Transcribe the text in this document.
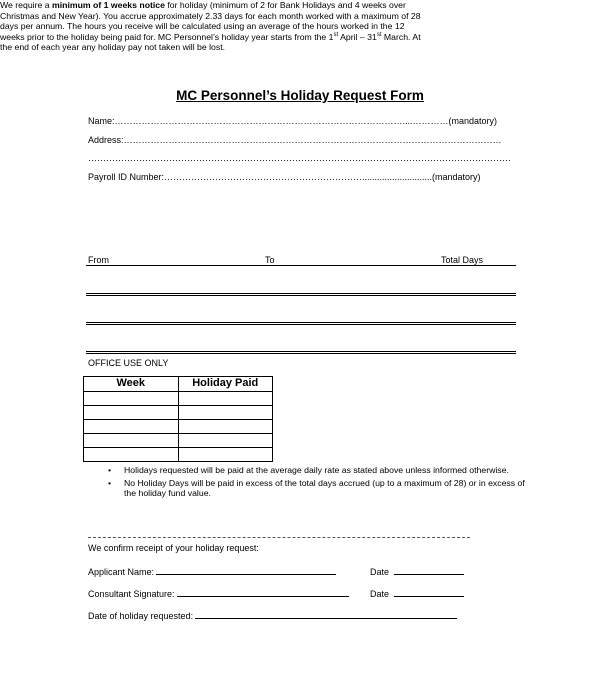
MC Personnel’s Holiday Request Form
Name:……………………………………………………………………………………....…………(mandatory)
Address:………………………………………………………………………………………………………………
……………………………………………………………………………………………………………………………
Payroll ID Number:…………………………………………………………............................(mandatory)
We require a minimum of 1 weeks notice for holiday (minimum of 2 for Bank Holidays and 4 weeks over Christmas and New Year). You accrue approximately 2.33 days for each month worked with a maximum of 28 days per annum. The hours you receive will be calculated using an average of the hours worked in the 12 weeks prior to the holiday being paid for. MC Personnel’s holiday year starts from the 1st April – 31st March. At the end of each year any holiday pay not taken will be lost.
From	To	Total Days
OFFICE USE ONLY
Week	Holiday Paid

• Holidays requested will be paid at the average daily rate as stated above unless informed otherwise.
• No Holiday Days will be paid in excess of the total days accrued (up to a maximum of 28) or in excess of the holiday fund value.
We confirm receipt of your holiday request:
Applicant Name:	Date
Consultant Signature:	Date
Date of holiday requested:
